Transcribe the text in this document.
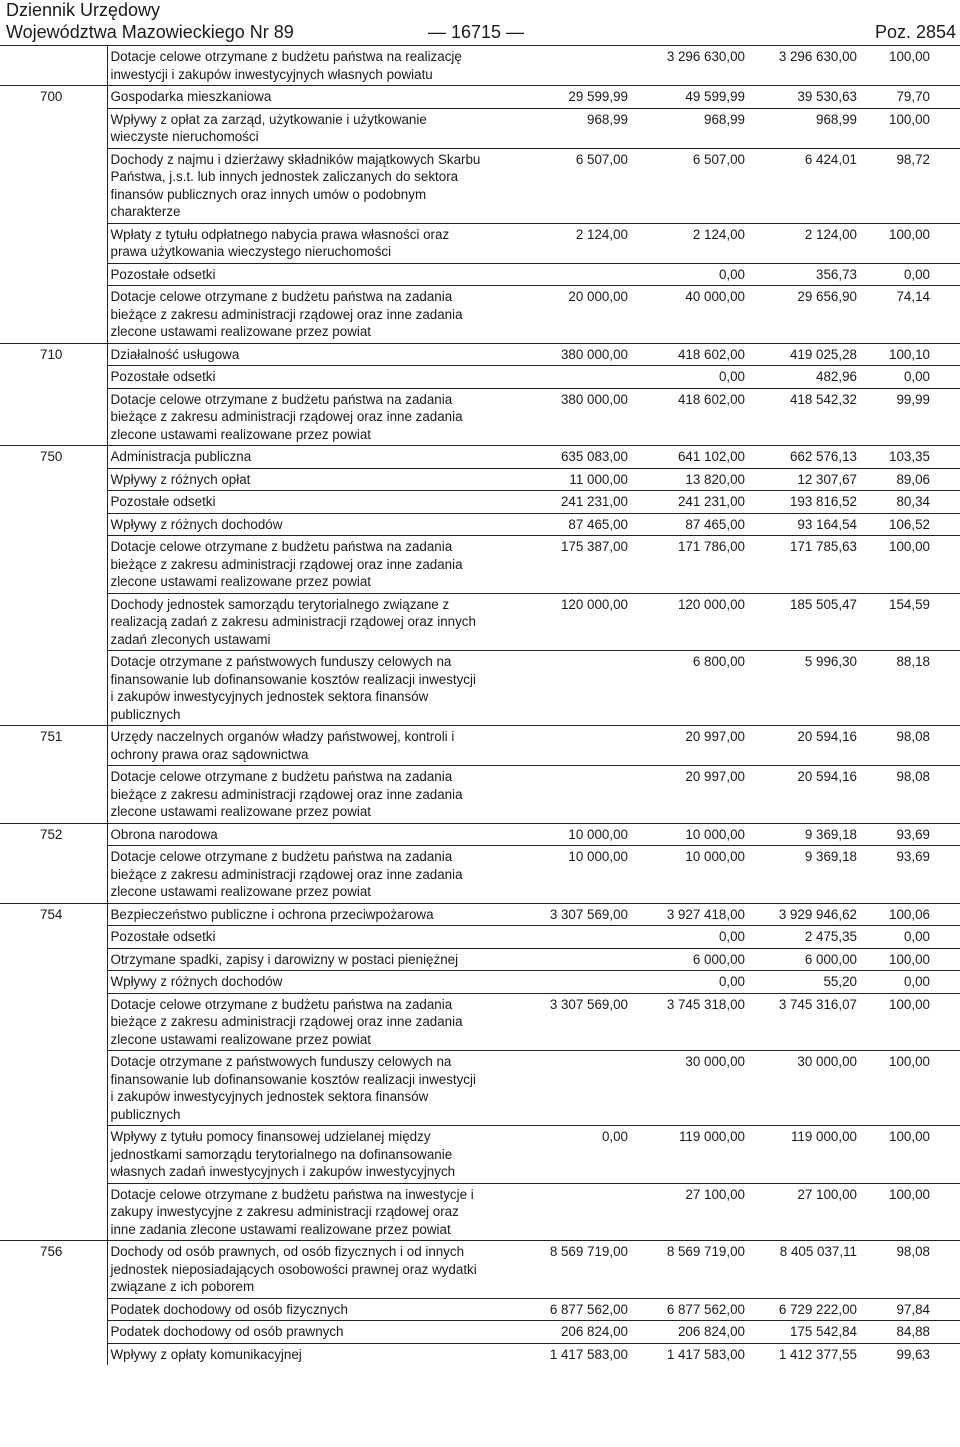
Dziennik Urzędowy
Województwa Mazowieckiego Nr 89	— 16715 —	Poz. 2854
	Dotacje celowe otrzymane z budżetu państwa na realizację inwestycji i zakupów inwestycyjnych własnych powiatu		3 296 630,00	3 296 630,00	100,00
700	Gospodarka mieszkaniowa	29 599,99	49 599,99	39 530,63	79,70
	Wpływy z opłat za zarząd, użytkowanie i użytkowanie wieczyste nieruchomości	968,99	968,99	968,99	100,00
	Dochody z najmu i dzierżawy składników majątkowych Skarbu Państwa, j.s.t. lub innych jednostek zaliczanych do sektora finansów publicznych oraz innych umów o podobnym charakterze	6 507,00	6 507,00	6 424,01	98,72
	Wpłaty z tytułu odpłatnego nabycia prawa własności oraz prawa użytkowania wieczystego nieruchomości	2 124,00	2 124,00	2 124,00	100,00
	Pozostałe odsetki		0,00	356,73	0,00
	Dotacje celowe otrzymane z budżetu państwa na zadania bieżące z zakresu administracji rządowej oraz inne zadania zlecone ustawami realizowane przez powiat	20 000,00	40 000,00	29 656,90	74,14
710	Działalność usługowa	380 000,00	418 602,00	419 025,28	100,10
	Pozostałe odsetki		0,00	482,96	0,00
	Dotacje celowe otrzymane z budżetu państwa na zadania bieżące z zakresu administracji rządowej oraz inne zadania zlecone ustawami realizowane przez powiat	380 000,00	418 602,00	418 542,32	99,99
750	Administracja publiczna	635 083,00	641 102,00	662 576,13	103,35
	Wpływy z różnych opłat	11 000,00	13 820,00	12 307,67	89,06
	Pozostałe odsetki	241 231,00	241 231,00	193 816,52	80,34
	Wpływy z różnych dochodów	87 465,00	87 465,00	93 164,54	106,52
	Dotacje celowe otrzymane z budżetu państwa na zadania bieżące z zakresu administracji rządowej oraz inne zadania zlecone ustawami realizowane przez powiat	175 387,00	171 786,00	171 785,63	100,00
	Dochody jednostek samorządu terytorialnego związane z realizacją zadań z zakresu administracji rządowej oraz innych zadań zleconych ustawami	120 000,00	120 000,00	185 505,47	154,59
	Dotacje otrzymane z państwowych funduszy celowych na finansowanie lub dofinansowanie kosztów realizacji inwestycji i zakupów inwestycyjnych jednostek sektora finansów publicznych		6 800,00	5 996,30	88,18
751	Urzędy naczelnych organów władzy państwowej, kontroli i ochrony prawa oraz sądownictwa		20 997,00	20 594,16	98,08
	Dotacje celowe otrzymane z budżetu państwa na zadania bieżące z zakresu administracji rządowej oraz inne zadania zlecone ustawami realizowane przez powiat		20 997,00	20 594,16	98,08
752	Obrona narodowa	10 000,00	10 000,00	9 369,18	93,69
	Dotacje celowe otrzymane z budżetu państwa na zadania bieżące z zakresu administracji rządowej oraz inne zadania zlecone ustawami realizowane przez powiat	10 000,00	10 000,00	9 369,18	93,69
754	Bezpieczeństwo publiczne i ochrona przeciwpożarowa	3 307 569,00	3 927 418,00	3 929 946,62	100,06
	Pozostałe odsetki		0,00	2 475,35	0,00
	Otrzymane spadki, zapisy i darowizny w postaci pieniężnej		6 000,00	6 000,00	100,00
	Wpływy z różnych dochodów		0,00	55,20	0,00
	Dotacje celowe otrzymane z budżetu państwa na zadania bieżące z zakresu administracji rządowej oraz inne zadania zlecone ustawami realizowane przez powiat	3 307 569,00	3 745 318,00	3 745 316,07	100,00
	Dotacje otrzymane z państwowych funduszy celowych na finansowanie lub dofinansowanie kosztów realizacji inwestycji i zakupów inwestycyjnych jednostek sektora finansów publicznych		30 000,00	30 000,00	100,00
	Wpływy z tytułu pomocy finansowej udzielanej między jednostkami samorządu terytorialnego na dofinansowanie własnych zadań inwestycyjnych i zakupów inwestycyjnych	0,00	119 000,00	119 000,00	100,00
	Dotacje celowe otrzymane z budżetu państwa na inwestycje i zakupy inwestycyjne z zakresu administracji rządowej oraz inne zadania zlecone ustawami realizowane przez powiat		27 100,00	27 100,00	100,00
756	Dochody od osób prawnych, od osób fizycznych i od innych jednostek nieposiadających osobowości prawnej oraz wydatki związane z ich poborem	8 569 719,00	8 569 719,00	8 405 037,11	98,08
	Podatek dochodowy od osób fizycznych	6 877 562,00	6 877 562,00	6 729 222,00	97,84
	Podatek dochodowy od osób prawnych	206 824,00	206 824,00	175 542,84	84,88
	Wpływy z opłaty komunikacyjnej	1 417 583,00	1 417 583,00	1 412 377,55	99,63
